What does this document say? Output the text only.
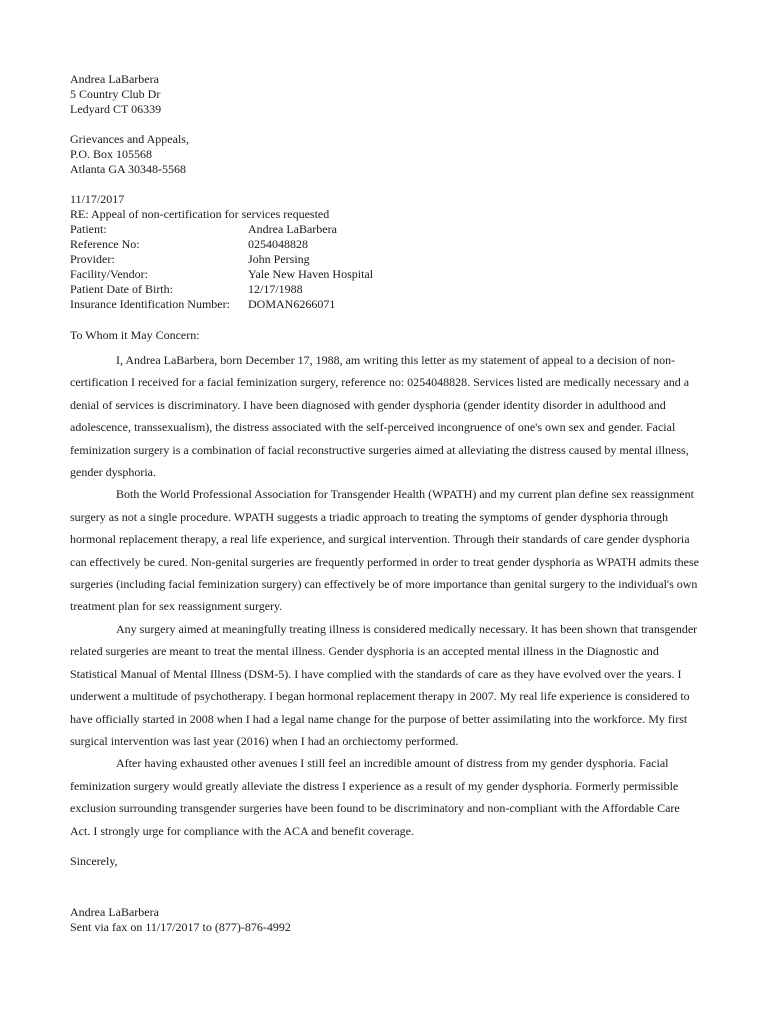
Andrea LaBarbera
5 Country Club Dr
Ledyard CT 06339
Grievances and Appeals,
P.O. Box 105568
Atlanta GA 30348-5568
11/17/2017
RE: Appeal of non-certification for services requested
Patient:	Andrea LaBarbera
Reference No:	0254048828
Provider:	John Persing
Facility/Vendor:	Yale New Haven Hospital
Patient Date of Birth:	12/17/1988
Insurance Identification Number:	DOMAN6266071
To Whom it May Concern:

I, Andrea LaBarbera, born December 17, 1988, am writing this letter as my statement of appeal to a decision of non-certification I received for a facial feminization surgery, reference no: 0254048828. Services listed are medically necessary and a denial of services is discriminatory. I have been diagnosed with gender dysphoria (gender identity disorder in adulthood and adolescence, transsexualism), the distress associated with the self-perceived incongruence of one's own sex and gender. Facial feminization surgery is a combination of facial reconstructive surgeries aimed at alleviating the distress caused by mental illness, gender dysphoria.

Both the World Professional Association for Transgender Health (WPATH) and my current plan define sex reassignment surgery as not a single procedure. WPATH suggests a triadic approach to treating the symptoms of gender dysphoria through hormonal replacement therapy, a real life experience, and surgical intervention. Through their standards of care gender dysphoria can effectively be cured. Non-genital surgeries are frequently performed in order to treat gender dysphoria as WPATH admits these surgeries (including facial feminization surgery) can effectively be of more importance than genital surgery to the individual's own treatment plan for sex reassignment surgery.

Any surgery aimed at meaningfully treating illness is considered medically necessary. It has been shown that transgender related surgeries are meant to treat the mental illness. Gender dysphoria is an accepted mental illness in the Diagnostic and Statistical Manual of Mental Illness (DSM-5). I have complied with the standards of care as they have evolved over the years. I underwent a multitude of psychotherapy. I began hormonal replacement therapy in 2007. My real life experience is considered to have officially started in 2008 when I had a legal name change for the purpose of better assimilating into the workforce. My first surgical intervention was last year (2016) when I had an orchiectomy performed.

After having exhausted other avenues I still feel an incredible amount of distress from my gender dysphoria. Facial feminization surgery would greatly alleviate the distress I experience as a result of my gender dysphoria. Formerly permissible exclusion surrounding transgender surgeries have been found to be discriminatory and non-compliant with the Affordable Care Act. I strongly urge for compliance with the ACA and benefit coverage.

Sincerely,
Andrea LaBarbera
Sent via fax on 11/17/2017 to (877)-876-4992
